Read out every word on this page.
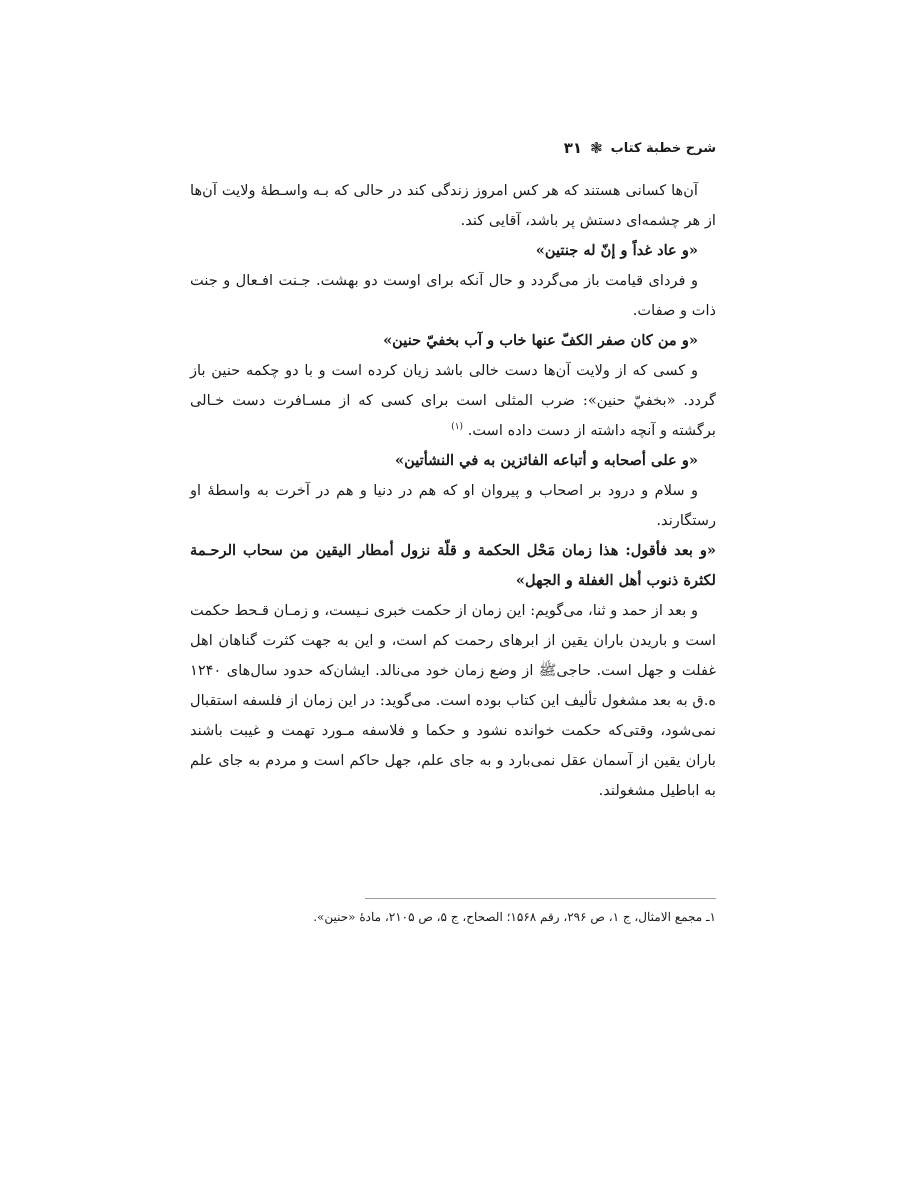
شرح خطبة كتاب
❃
۳۱

آن‌ها کسانی هستند که هر کس امروز زندگی کند در حالی که بـه واسـطهٔ ولایت آن‌ها از هر چشمه‌ای دستش پر باشد، آقایی کند.

«و عاد غداً و إنّ له جنتين»

و فردای قیامت باز می‌گردد و حال آنکه برای اوست دو بهشت. جـنت افـعال و جنت ذات و صفات.

«و من كان صفر الكفّ عنها خاب و آب بخفيّ حنين»

و کسی که از ولایت آن‌ها دست خالی باشد زیان کرده است و با دو چکمه حنین باز گردد. «بخفيّ حنين»: ضرب المثلی است برای کسی که از مسـافرت دست خـالی برگشته و آنچه داشته از دست داده است. $^{(۱)}$

«و على أصحابه و أتباعه الفائزين به في النشأتين»

و سلام و درود بر اصحاب و پیروان او که هم در دنیا و هم در آخرت به واسطهٔ او رستگارند.

«و بعد فأقول: هذا زمان مَحْل الحكمة و قلّة نزول أمطار اليقين من سحاب الرحـمة لكثرة ذنوب أهل الغفلة و الجهل»

و بعد از حمد و ثنا، می‌گویم: این زمان از حکمت خبری نـیست، و زمـان قـحط حکمت است و باریدن باران یقین از ابرهای رحمت کم است، و این به جهت کثرت گناهان اهل غفلت و جهل است. حاجیﷺ از وضع زمان خود می‌نالد. ایشان‌که حدود سال‌های ۱۲۴۰ ه.ق به بعد مشغول تألیف این کتاب بوده است. می‌گوید: در این زمان از فلسفه استقبال نمی‌شود، وقتی‌که حکمت خوانده نشود و حکما و فلاسفه مـورد تهمت و غیبت باشند باران یقین از آسمان عقل نمی‌بارد و به جای علم، جهل حاکم است و مردم به جای علم به اباطیل مشغولند.

۱ـ مجمع الامثال، ج ۱، ص ۲۹۶، رقم ۱۵۶۸؛ الصحاح، ج ۵، ص ۲۱۰۵، مادهٔ «حنین».
